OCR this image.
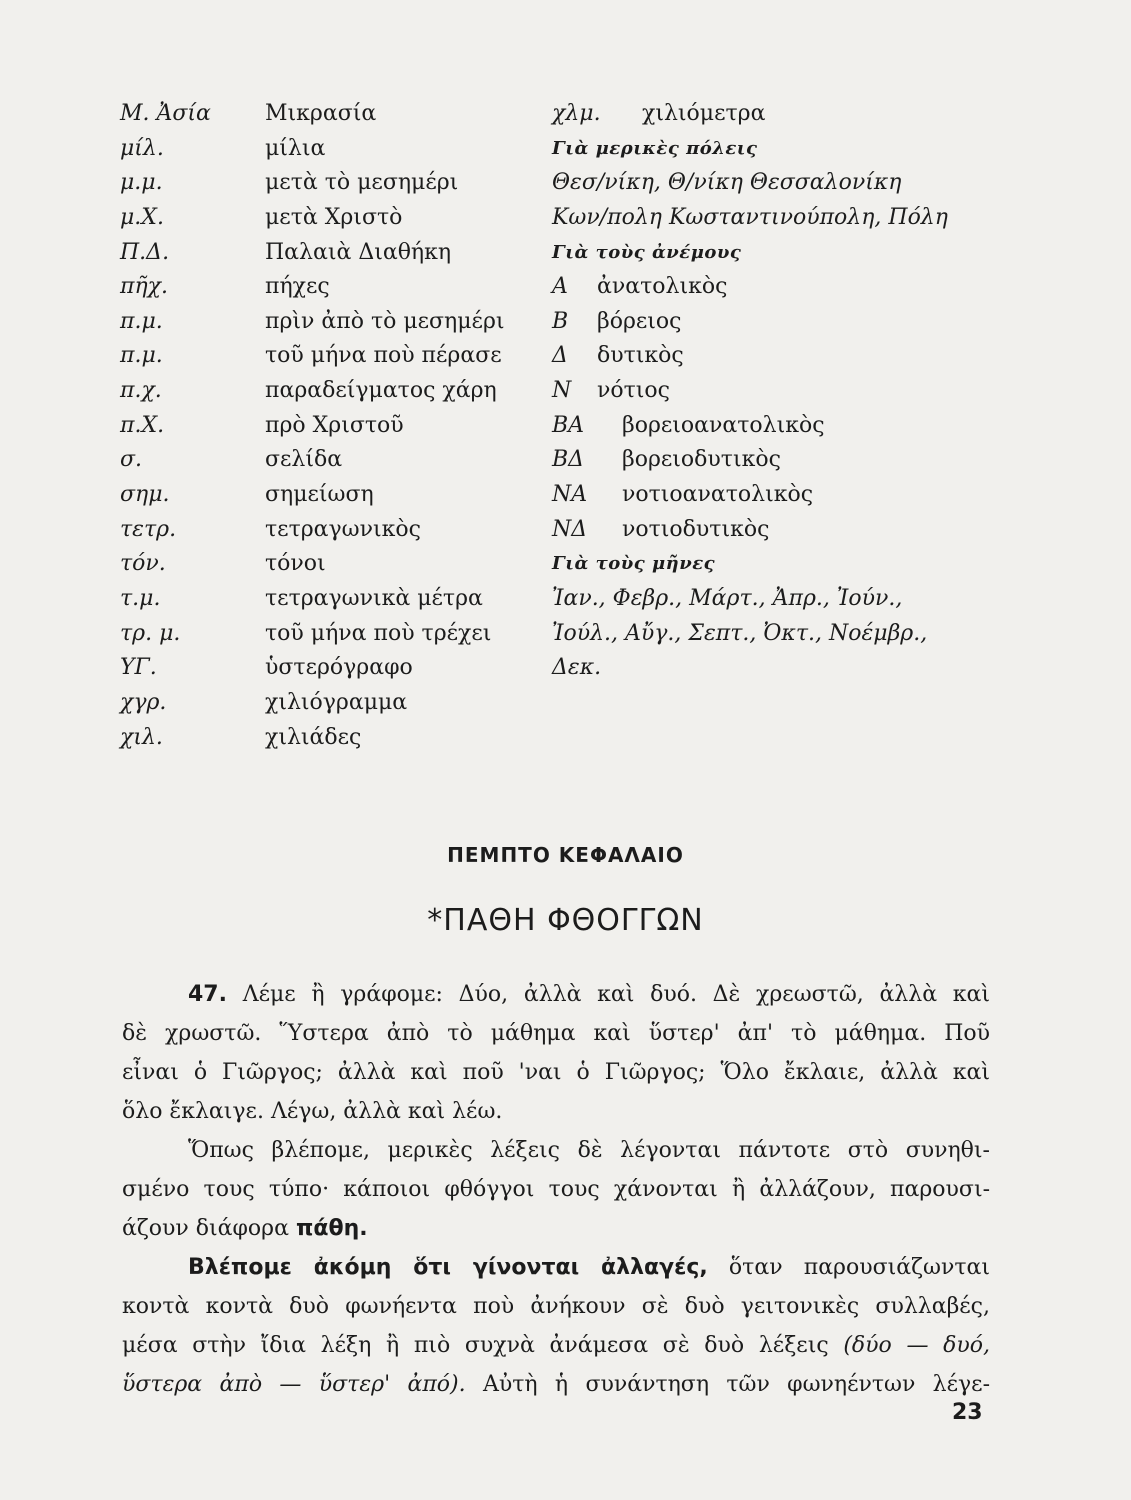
Μ. Ἀσία Μικρασία
μίλ.	μίλια
μ.μ.	μετὰ τὸ μεσημέρι
μ.Χ.	μετὰ Χριστὸ
Π.Δ.	Παλαιὰ Διαθήκη
πῆχ.	πήχες
π.μ.	πρὶν ἀπὸ τὸ μεσημέρι
π.μ.	τοῦ μήνα ποὺ πέρασε
π.χ.	παραδείγματος χάρη
π.Χ.	πρὸ Χριστοῦ
σ.	σελίδα
σημ.	σημείωση
τετρ.	τετραγωνικὸς
τόν.	τόνοι
τ.μ.	τετραγωνικὰ μέτρα
τρ. μ.	τοῦ μήνα ποὺ τρέχει
ΥΓ.	ὑστερόγραφο
χγρ.	χιλιόγραμμα
χιλ.	χιλιάδες
χλμ. χιλιόμετρα
Γιὰ μερικὲς πόλεις
Θεσ/νίκη, Θ/νίκη Θεσσαλονίκη
Κων/πολη Κωσταντινούπολη, Πόλη
Γιὰ τοὺς ἀνέμους
Α ἀνατολικὸς
Β βόρειος
Δ δυτικὸς
Ν νότιος
ΒΑ βορειοανατολικὸς
ΒΔ βορειοδυτικὸς
ΝΑ νοτιοανατολικὸς
ΝΔ νοτιοδυτικὸς
Γιὰ τοὺς μῆνες
Ἰαν., Φεβρ., Μάρτ., Ἀπρ., Ἰούν.,
Ἰούλ., Αὔγ., Σεπτ., Ὀκτ., Νοέμβρ.,
Δεκ.
ΠΕΜΠΤΟ ΚΕΦΑΛΑΙΟ
*ΠΑΘΗ ΦΘΟΓΓΩΝ
47. Λέμε ἢ γράφομε: Δύο, ἀλλὰ καὶ δυό. Δὲ χρεωστῶ, ἀλλὰ καὶ
δὲ χρωστῶ. Ὕστερα ἀπὸ τὸ μάθημα καὶ ὕστερ' ἀπ' τὸ μάθημα. Ποῦ
εἶναι ὁ Γιῶργος; ἀλλὰ καὶ ποῦ 'ναι ὁ Γιῶργος; Ὅλο ἔκλαιε, ἀλλὰ καὶ
ὅλο ἔκλαιγε. Λέγω, ἀλλὰ καὶ λέω.
Ὅπως βλέπομε, μερικὲς λέξεις δὲ λέγονται πάντοτε στὸ συνηθι-
σμένο τους τύπο· κάποιοι φθόγγοι τους χάνονται ἢ ἀλλάζουν, παρουσι-
άζουν διάφορα πάθη.
Βλέπομε ἀκόμη ὅτι γίνονται ἀλλαγές, ὅταν παρουσιάζωνται
κοντὰ κοντὰ δυὸ φωνήεντα ποὺ ἀνήκουν σὲ δυὸ γειτονικὲς συλλαβές,
μέσα στὴν ἴδια λέξη ἢ πιὸ συχνὰ ἀνάμεσα σὲ δυὸ λέξεις (δύο — δυό,
ὕστερα ἀπὸ — ὕστερ' ἀπό). Αὐτὴ ἡ συνάντηση τῶν φωνηέντων λέγε-
23
